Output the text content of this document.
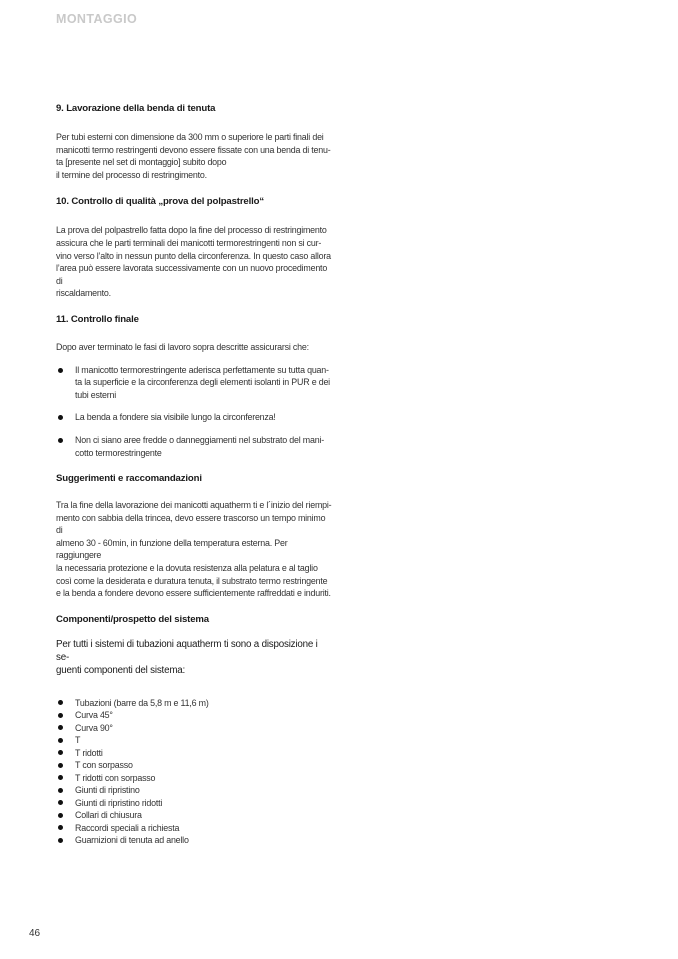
MONTAGGIO
9. Lavorazione della benda di tenuta

Per tubi esterni con dimensione da 300 mm o superiore le parti finali dei

manicotti termo restringenti devono essere fissate con una benda di tenu-

ta [presente nel set di montaggio] subito dopo

il termine del processo di restringimento.

10. Controllo di qualità „prova del polpastrello“

La prova del polpastrello fatta dopo la fine del processo di restringimento

assicura che le parti terminali dei manicotti termorestringenti non si cur-

vino verso l’alto in nessun punto della circonferenza. In questo caso allora

l’area può essere lavorata successivamente con un nuovo procedimento di

riscaldamento.

11. Controllo finale

Dopo aver terminato le fasi di lavoro sopra descritte assicurarsi che:

Il manicotto termorestringente aderisca perfettamente su tutta quan-
ta la superficie e la circonferenza degli elementi isolanti in PUR e dei
tubi esterni
La benda a fondere sia visibile lungo la circonferenza!
Non ci siano aree fredde o danneggiamenti nel substrato del mani-
cotto termorestringente
Suggerimenti e raccomandazioni

Tra la fine della lavorazione dei manicotti aquatherm ti e l´inizio del riempi-

mento con sabbia della trincea, devo essere trascorso un tempo minimo di

almeno 30 - 60min, in funzione della temperatura esterna. Per raggiungere

la necessaria protezione e la dovuta resistenza alla pelatura e al taglio

così come la desiderata e duratura tenuta, il substrato termo restringente

e la benda a fondere devono essere sufficientemente raffreddati e induriti.

Componenti/prospetto del sistema

Per tutti i sistemi di tubazioni aquatherm ti sono a disposizione i se-

guenti componenti del sistema:

Tubazioni (barre da 5,8 m e 11,6 m)
Curva 45°
Curva 90°
T
T ridotti
T con sorpasso
T ridotti con sorpasso
Giunti di ripristino
Giunti di ripristino ridotti
Collari di chiusura
Raccordi speciali a richiesta
Guarnizioni di tenuta ad anello
46
